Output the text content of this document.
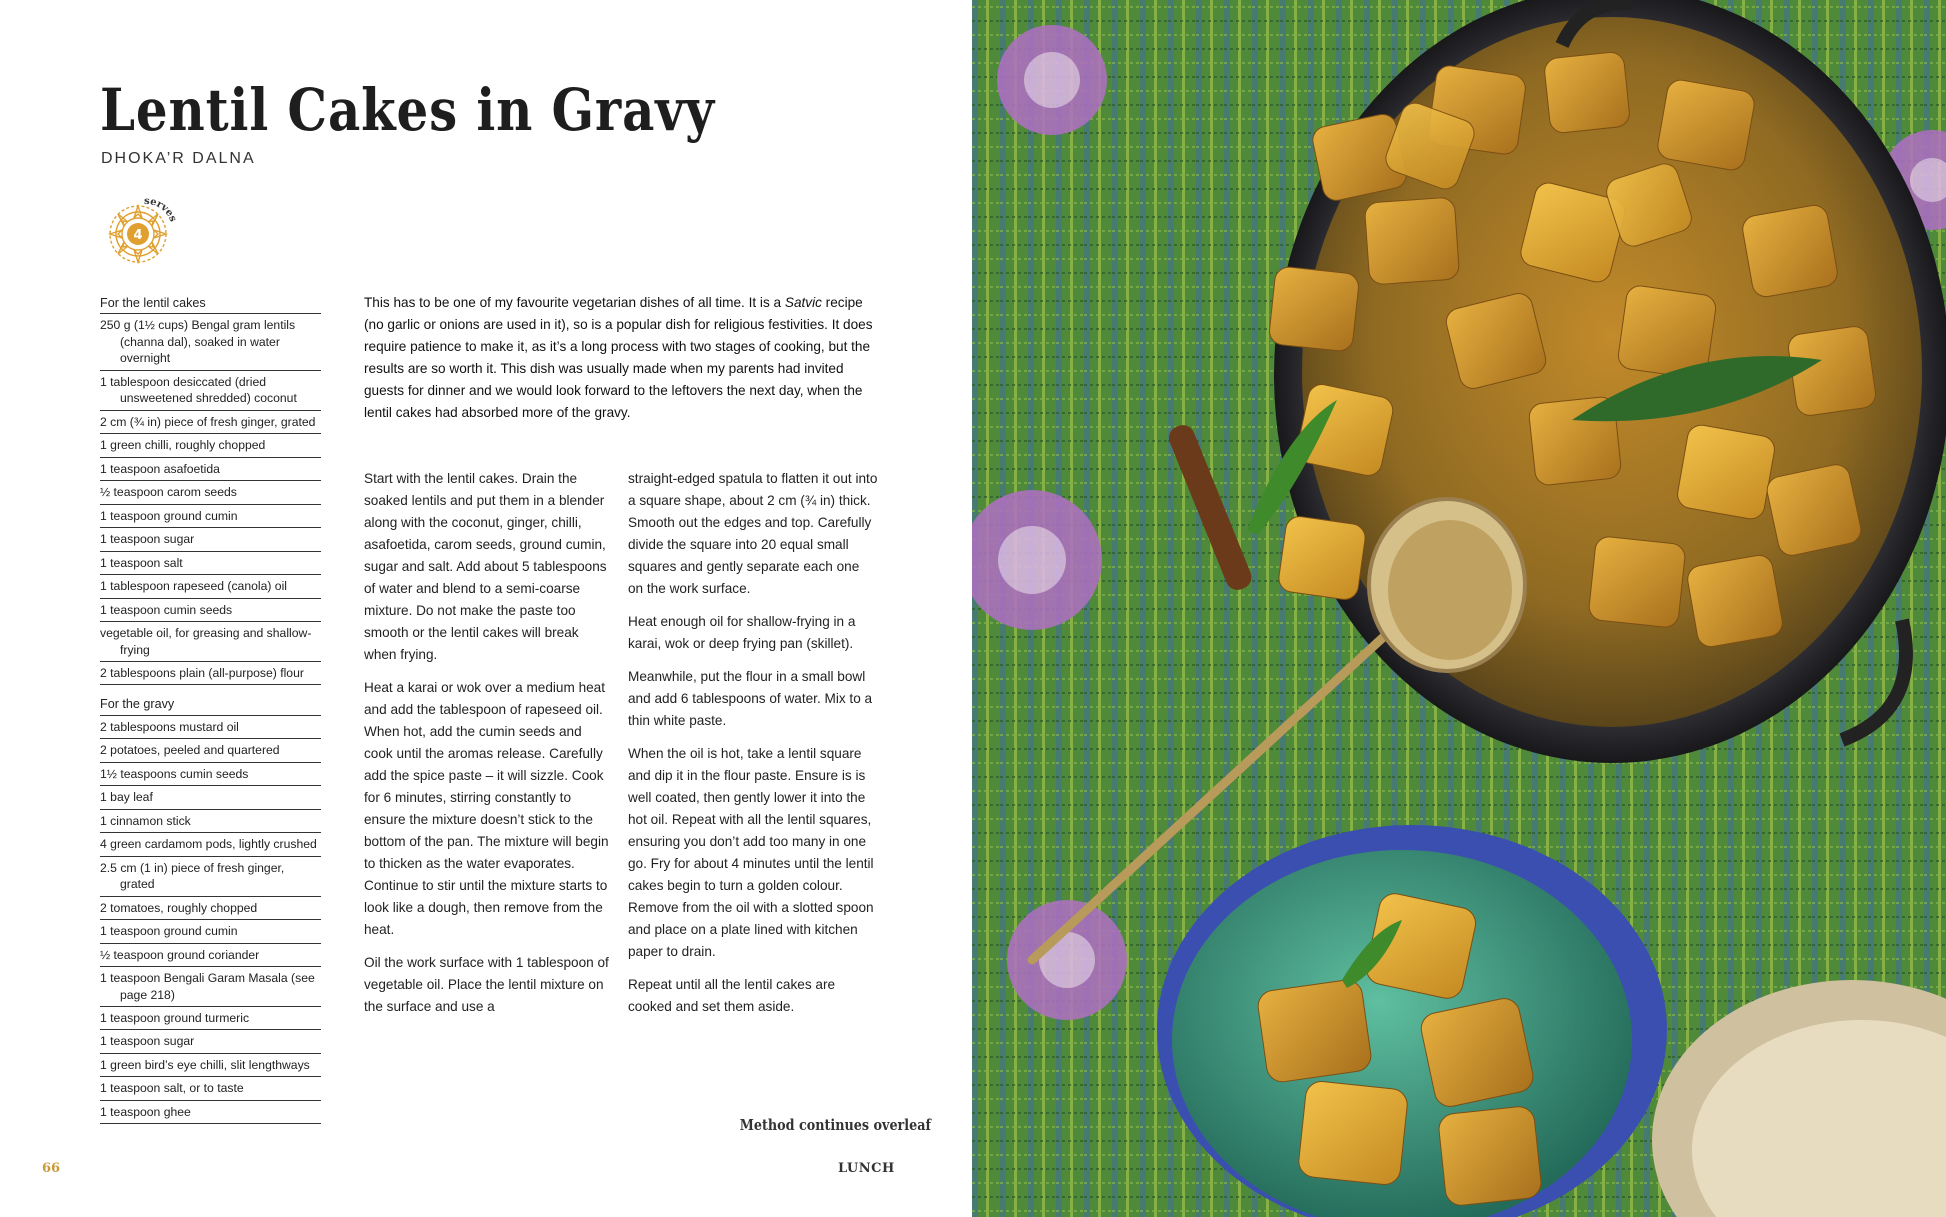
Lentil Cakes in Gravy
DHOKA’R DALNA
4
serves
For the lentil cakes
250 g (1½ cups) Bengal gram lentils (channa dal), soaked in water overnight
1 tablespoon desiccated (dried unsweetened shredded) coconut
2 cm (¾ in) piece of fresh ginger, grated
1 green chilli, roughly chopped
1 teaspoon asafoetida
½ teaspoon carom seeds
1 teaspoon ground cumin
1 teaspoon sugar
1 teaspoon salt
1 tablespoon rapeseed (canola) oil
1 teaspoon cumin seeds
vegetable oil, for greasing and shallow-frying
2 tablespoons plain (all-purpose) flour
For the gravy
2 tablespoons mustard oil
2 potatoes, peeled and quartered
1½ teaspoons cumin seeds
1 bay leaf
1 cinnamon stick
4 green cardamom pods, lightly crushed
2.5 cm (1 in) piece of fresh ginger, grated
2 tomatoes, roughly chopped
1 teaspoon ground cumin
½ teaspoon ground coriander
1 teaspoon Bengali Garam Masala (see page 218)
1 teaspoon ground turmeric
1 teaspoon sugar
1 green bird’s eye chilli, slit lengthways
1 teaspoon salt, or to taste
1 teaspoon ghee

This has to be one of my favourite vegetarian dishes of all time. It is a Satvic recipe (no garlic or onions are used in it), so is a popular dish for religious festivities. It does require patience to make it, as it’s a long process with two stages of cooking, but the results are so worth it. This dish was usually made when my parents had invited guests for dinner and we would look forward to the leftovers the next day, when the lentil cakes had absorbed more of the gravy.

Start with the lentil cakes. Drain the soaked lentils and put them in a blender along with the coconut, ginger, chilli, asafoetida, carom seeds, ground cumin, sugar and salt. Add about 5 tablespoons of water and blend to a semi-coarse mixture. Do not make the paste too smooth or the lentil cakes will break when frying.

Heat a karai or wok over a medium heat and add the tablespoon of rapeseed oil. When hot, add the cumin seeds and cook until the aromas release. Carefully add the spice paste – it will sizzle. Cook for 6 minutes, stirring constantly to ensure the mixture doesn’t stick to the bottom of the pan. The mixture will begin to thicken as the water evaporates. Continue to stir until the mixture starts to look like a dough, then remove from the heat.

Oil the work surface with 1 tablespoon of vegetable oil. Place the lentil mixture on the surface and use a

straight-edged spatula to flatten it out into a square shape, about 2 cm (¾ in) thick. Smooth out the edges and top. Carefully divide the square into 20 equal small squares and gently separate each one on the work surface.

Heat enough oil for shallow-frying in a karai, wok or deep frying pan (skillet).

Meanwhile, put the flour in a small bowl and add 6 tablespoons of water. Mix to a thin white paste.

When the oil is hot, take a lentil square and dip it in the flour paste. Ensure is is well coated, then gently lower it into the hot oil. Repeat with all the lentil squares, ensuring you don’t add too many in one go. Fry for about 4 minutes until the lentil cakes begin to turn a golden colour. Remove from the oil with a slotted spoon and place on a plate lined with kitchen paper to drain.

Repeat until all the lentil cakes are cooked and set them aside.

Method continues overleaf

66	LUNCH
